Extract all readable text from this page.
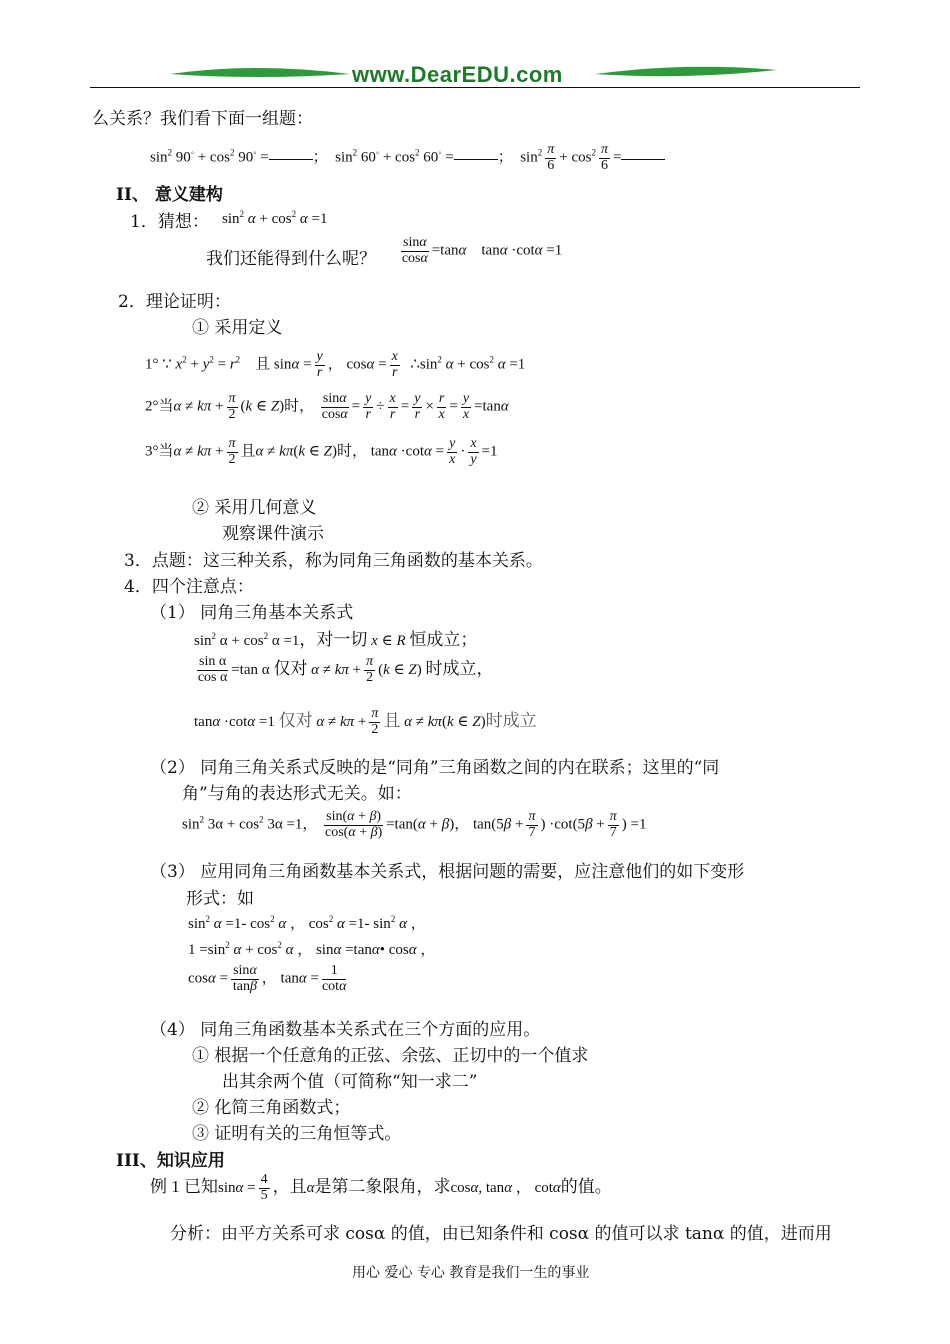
www.DearEDU.com
么关系？我们看下面一组题：
$\sin^2 90^◦ + \cos^2 90^◦$ =	；  $\sin^2 60^◦ + \cos^2 60^◦$ =	；  $\sin^2 \frac{\pi}{6} + \cos^2 \frac{\pi}{6}$ =
II、 意义建构
1．猜想： $\sin^2 \alpha + \cos^2 \alpha =1$
我们还能得到什么呢？ $\frac{\sin\alpha}{\cos\alpha} =\tan\alpha$    tanα ·cotα =1
2．理论证明：
① 采用定义
1° ∵ $x^2 + y^2 = r^2$    且 $\sin\alpha = \frac{y}{r}$ ， $\cos\alpha = \frac{x}{r}$ $\therefore\sin^2$ $\alpha + \cos^2 \alpha =1$
2°当$\alpha \ne k\pi + \frac{\pi}{2} (k$ ∈ Z)时， $\frac{\sin\alpha}{\cos\alpha} = \frac{y}{r} \div \frac{x}{r} = \frac{y}{r} \times \frac{r}{x} = \frac{y}{x} =\tan\alpha$
3°当$\alpha \ne k\pi + \frac{\pi}{2}$ 且α ≠ kπ(k ∈ Z)时， $\tan\alpha \cdot\cot\alpha = \frac{y}{x} \cdot \frac{x}{y} =1$
② 采用几何意义
观察课件演示
3．点题：这三种关系，称为同角三角函数的基本关系。
4．四个注意点：
（1） 同角三角基本关系式
$\sin^2 \alpha + \cos^2 \alpha =1$，对一切 x ∈ R 恒成立；
$\frac{\text{sin α}}{\text{cos α}} =\tan$ α 仅对 $\alpha \ne k\pi + \frac{\pi}{2} (k$ ∈ Z) 时成立，
tanα ·cotα =1 仅对 $\alpha \ne k\pi + \frac{\pi}{2}$ 且 α ≠ kπ(k ∈ Z)时成立
（2） 同角三角关系式反映的是“同角”三角函数之间的内在联系；这里的“同
角”与角的表达形式无关。如：
$\sin^2 3\alpha + \cos^2 3\alpha =1$， $\frac{\sin(\alpha + \beta)}{\cos(\alpha + \beta)} =\tan(\alpha + \beta)$， $\tan(5\beta + \frac{\pi}{7}$ ) $\cdot\cot(5\beta + \frac{\pi}{7}$ ) =1
（3） 应用同角三角函数基本关系式，根据问题的需要，应注意他们的如下变形
形式：如
$\sin^2 \alpha =1-$ $\cos^2 \alpha$ ， $\cos^2 \alpha =1-$ $\sin^2 \alpha$ ，
$1 =\sin^2$ $\alpha + \cos^2 \alpha$ ， sinα =tanα• cosα ，
$\cos\alpha = \frac{\sin\alpha}{\tan\beta}$ ， $\tan\alpha = \frac{1}{\cot\alpha}$
（4） 同角三角函数基本关系式在三个方面的应用。
① 根据一个任意角的正弦、余弦、正切中的一个值求
出其余两个值（可简称“知一求二”
② 化简三角函数式；
③ 证明有关的三角恒等式。
III、知识应用
例 1 已知$\sin\alpha = \frac{4}{5}$ ，且α是第二象限角，求cosα, tanα ， cotα的值。
分析：由平方关系可求 cosα 的值，由已知条件和 cosα 的值可以求 tanα 的值，进而用
用心 爱心 专心 教育是我们一生的事业
